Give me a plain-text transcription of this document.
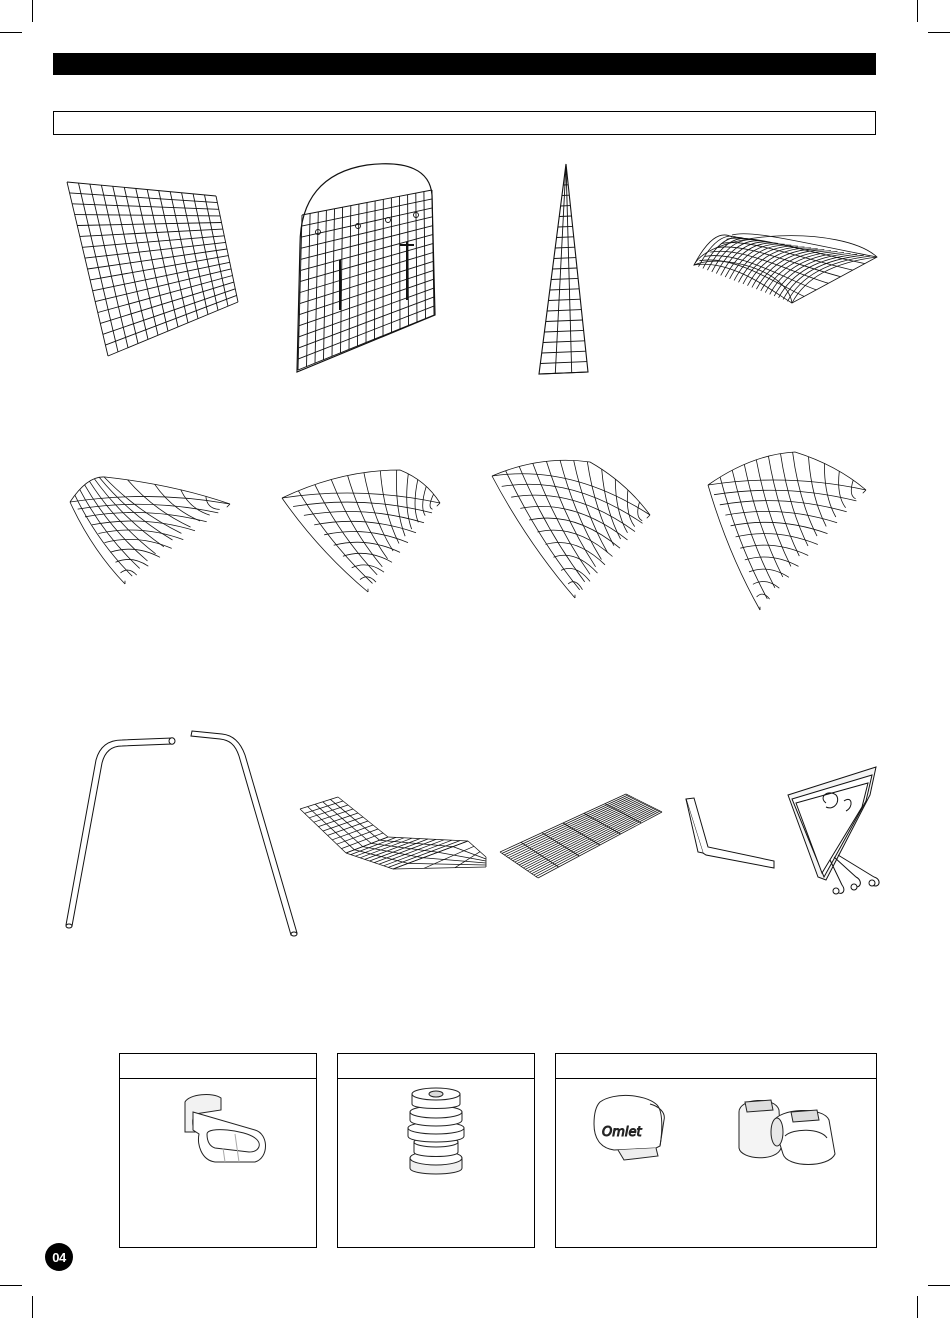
Omlet
04
